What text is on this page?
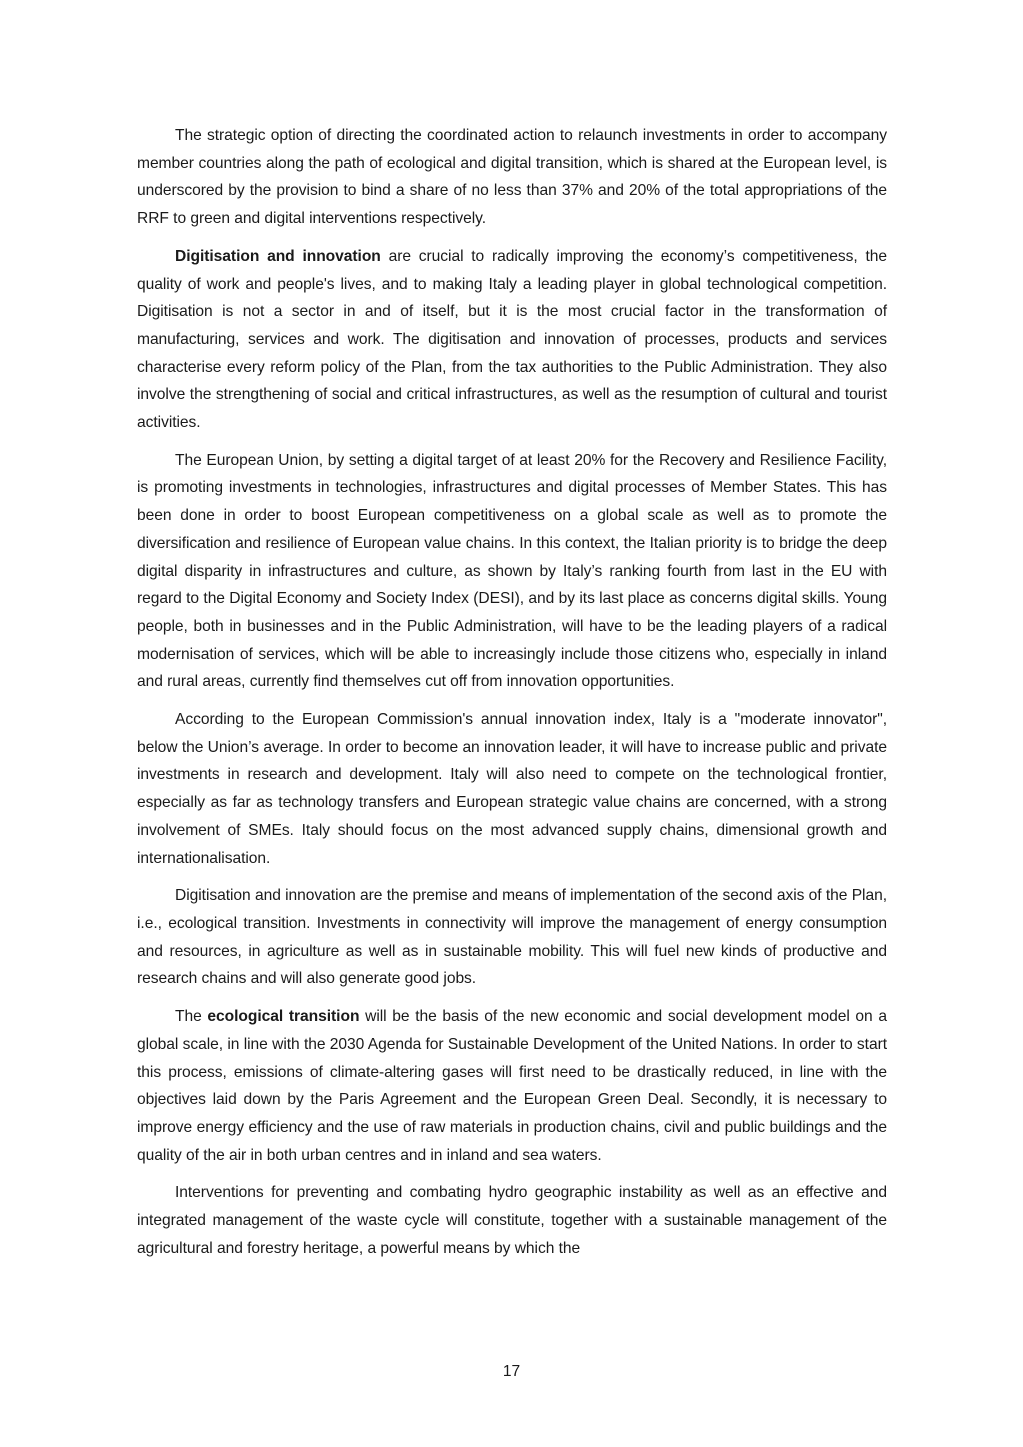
The strategic option of directing the coordinated action to relaunch investments in order to accompany member countries along the path of ecological and digital transition, which is shared at the European level, is underscored by the provision to bind a share of no less than 37% and 20% of the total appropriations of the RRF to green and digital interventions respectively.

Digitisation and innovation are crucial to radically improving the economy’s competitiveness, the quality of work and people's lives, and to making Italy a leading player in global technological competition. Digitisation is not a sector in and of itself, but it is the most crucial factor in the transformation of manufacturing, services and work. The digitisation and innovation of processes, products and services characterise every reform policy of the Plan, from the tax authorities to the Public Administration. They also involve the strengthening of social and critical infrastructures, as well as the resumption of cultural and tourist activities.

The European Union, by setting a digital target of at least 20% for the Recovery and Resilience Facility, is promoting investments in technologies, infrastructures and digital processes of Member States. This has been done in order to boost European competitiveness on a global scale as well as to promote the diversification and resilience of European value chains. In this context, the Italian priority is to bridge the deep digital disparity in infrastructures and culture, as shown by Italy’s ranking fourth from last in the EU with regard to the Digital Economy and Society Index (DESI), and by its last place as concerns digital skills. Young people, both in businesses and in the Public Administration, will have to be the leading players of a radical modernisation of services, which will be able to increasingly include those citizens who, especially in inland and rural areas, currently find themselves cut off from innovation opportunities.

According to the European Commission's annual innovation index, Italy is a "moderate innovator", below the Union’s average. In order to become an innovation leader, it will have to increase public and private investments in research and development. Italy will also need to compete on the technological frontier, especially as far as technology transfers and European strategic value chains are concerned, with a strong involvement of SMEs. Italy should focus on the most advanced supply chains, dimensional growth and internationalisation.

Digitisation and innovation are the premise and means of implementation of the second axis of the Plan, i.e., ecological transition. Investments in connectivity will improve the management of energy consumption and resources, in agriculture as well as in sustainable mobility. This will fuel new kinds of productive and research chains and will also generate good jobs.

The ecological transition will be the basis of the new economic and social development model on a global scale, in line with the 2030 Agenda for Sustainable Development of the United Nations. In order to start this process, emissions of climate-altering gases will first need to be drastically reduced, in line with the objectives laid down by the Paris Agreement and the European Green Deal. Secondly, it is necessary to improve energy efficiency and the use of raw materials in production chains, civil and public buildings and the quality of the air in both urban centres and in inland and sea waters.

Interventions for preventing and combating hydro geographic instability as well as an effective and integrated management of the waste cycle will constitute, together with a sustainable management of the agricultural and forestry heritage, a powerful means by which the

17
